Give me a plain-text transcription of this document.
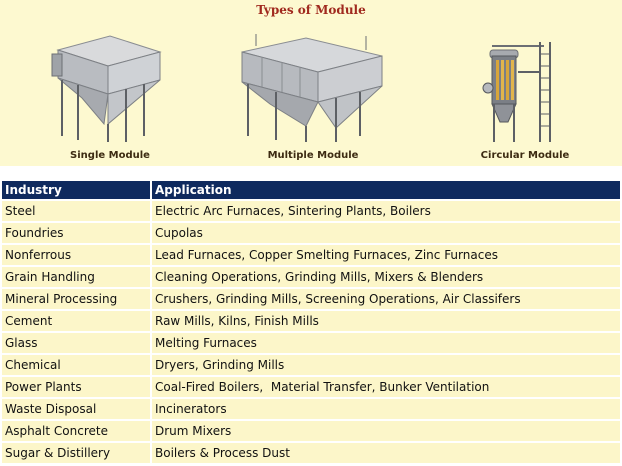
Types of Module
Single Module	Multiple Module	Circular Module
Industry	Application
Steel	Electric Arc Furnaces, Sintering Plants, Boilers
Foundries	Cupolas
Nonferrous	Lead Furnaces, Copper Smelting Furnaces, Zinc Furnaces
Grain Handling	Cleaning Operations, Grinding Mills, Mixers & Blenders
Mineral Processing	Crushers, Grinding Mills, Screening Operations, Air Classifers
Cement	Raw Mills, Kilns, Finish Mills
Glass	Melting Furnaces
Chemical	Dryers, Grinding Mills
Power Plants	Coal-Fired Boilers,  Material Transfer, Bunker Ventilation
Waste Disposal	Incinerators
Asphalt Concrete	Drum Mixers
Sugar & Distillery	Boilers & Process Dust
